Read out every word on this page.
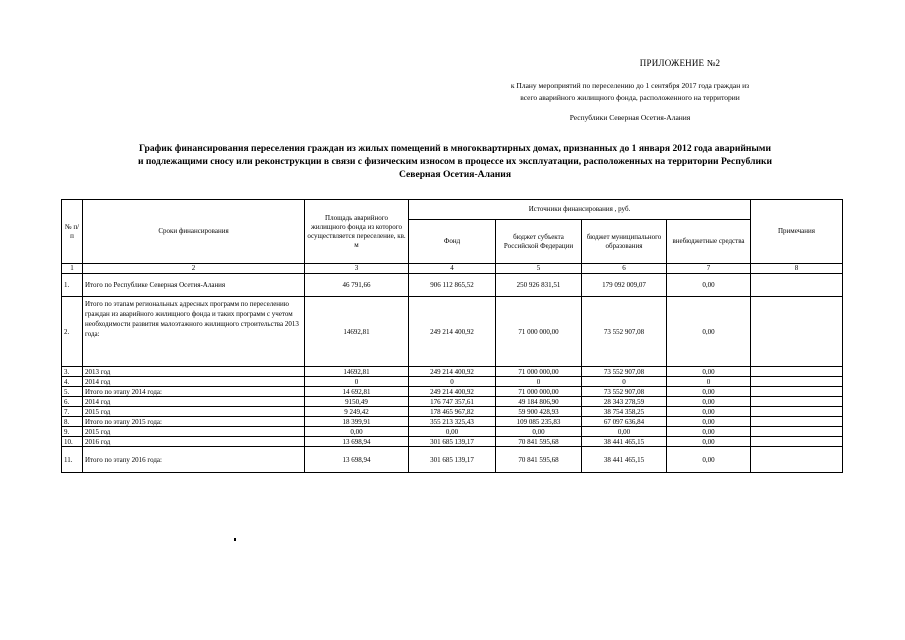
ПРИЛОЖЕНИЕ №2
к Плану мероприятий по переселению до 1 сентября 2017 года граждан из
всего аварийного жилищного фонда, расположенного на территории
Республики Северная Осетия-Алания
График финансирования переселения граждан из жилых помещений в многоквартирных домах, признанных до 1 января 2012 года аварийными
и подлежащими сносу или реконструкции в связи с физическим износом в процессе их эксплуатации, расположенных на территории Республики
Северная Осетия-Алания
№ п/п	Сроки финансирования	Площадь аварийного жилищного фонда из которого осуществляется переселение, кв. м	Источники финансирования , руб.				Примечания
			Фонд	бюджет субъекта Российской Федерации	бюджет муниципального образования	внебюджетные средства	
1	2	3	4	5	6	7	8
1.	Итого по Республике Северная Осетия-Алания	46 791,66	906 112 865,52	250 926 831,51	179 092 009,07	0,00	
2.	Итого по этапам региональных адресных программ по переселению граждан из аварийного жилищного фонда и таких программ с учетом необходимости развития малоэтажного жилищного строительства 2013 года:	14692,81	249 214 400,92	71 000 000,00	73 552 907,08	0,00	
3.	2013 год	14692,81	249 214 400,92	71 000 000,00	73 552 907,08	0,00	
4.	2014 год	0	0	0	0	0	
5.	Итого по этапу 2014 года:	14 692,81	249 214 400,92	71 000 000,00	73 552 907,08	0,00	
6.	2014 год	9150,49	176 747 357,61	49 184 806,90	28 343 278,59	0,00	
7.	2015 год	9 249,42	178 465 967,82	59 900 428,93	38 754 358,25	0,00	
8.	Итого по этапу 2015 года:	18 399,91	355 213 325,43	109 085 235,83	67 097 636,84	0,00	
9.	2015 год	0,00	0,00	0,00	0,00	0,00	
10.	2016 год	13 698,94	301 685 139,17	70 841 595,68	38 441 465,15	0,00	
11.	Итого по этапу 2016 года:	13 698,94	301 685 139,17	70 841 595,68	38 441 465,15	0,00	
